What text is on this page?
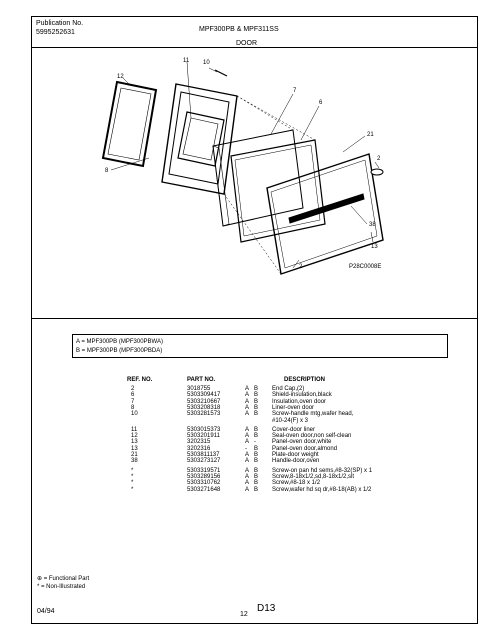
Publication No.
5995252631	MPF300PB & MPF311SS
DOOR
12
11 10
7
6
21
2
8
38
13
2	P28C0008E
A = MPF300PB (MPF300PBWA)
B = MPF300PB (MPF300PBDA)
REF. NO.	PART NO.	DESCRIPTION
2	3018755	A B End Cap,(2)
6	5303309417	A B Shield-insulation,black
7	5303210667	A B Insulation,oven door
8	5303208318	A B Liner-oven door
10	5303281573	A B Screw-handle mtg,wafer head,
#10-24(F) x 3
11	5303015373	A B Cover-door liner
12	5303201911	A B Seal-oven door,non self-clean
13	3202315	A -	Panel-oven door,white
13	3202316	- B Panel-oven door,almond
21	5303811137	A B Plate-door weight
38	5303273127	A B Handle-door,oven
*	5303319571	A B Screw-on pan hd sems,#8-32(SP) x 1
*	5303289156	A B Screw,8-18x1/2,sd,8-18x1/2,slt
*	5303310762	A B Screw,#8-18 x 1/2
*	5303271648	A B Screw,wafer hd sq dr,#8-18(AB) x 1/2
⊕ = Functional Part
* = Non-Illustrated
04/94	12
D13
